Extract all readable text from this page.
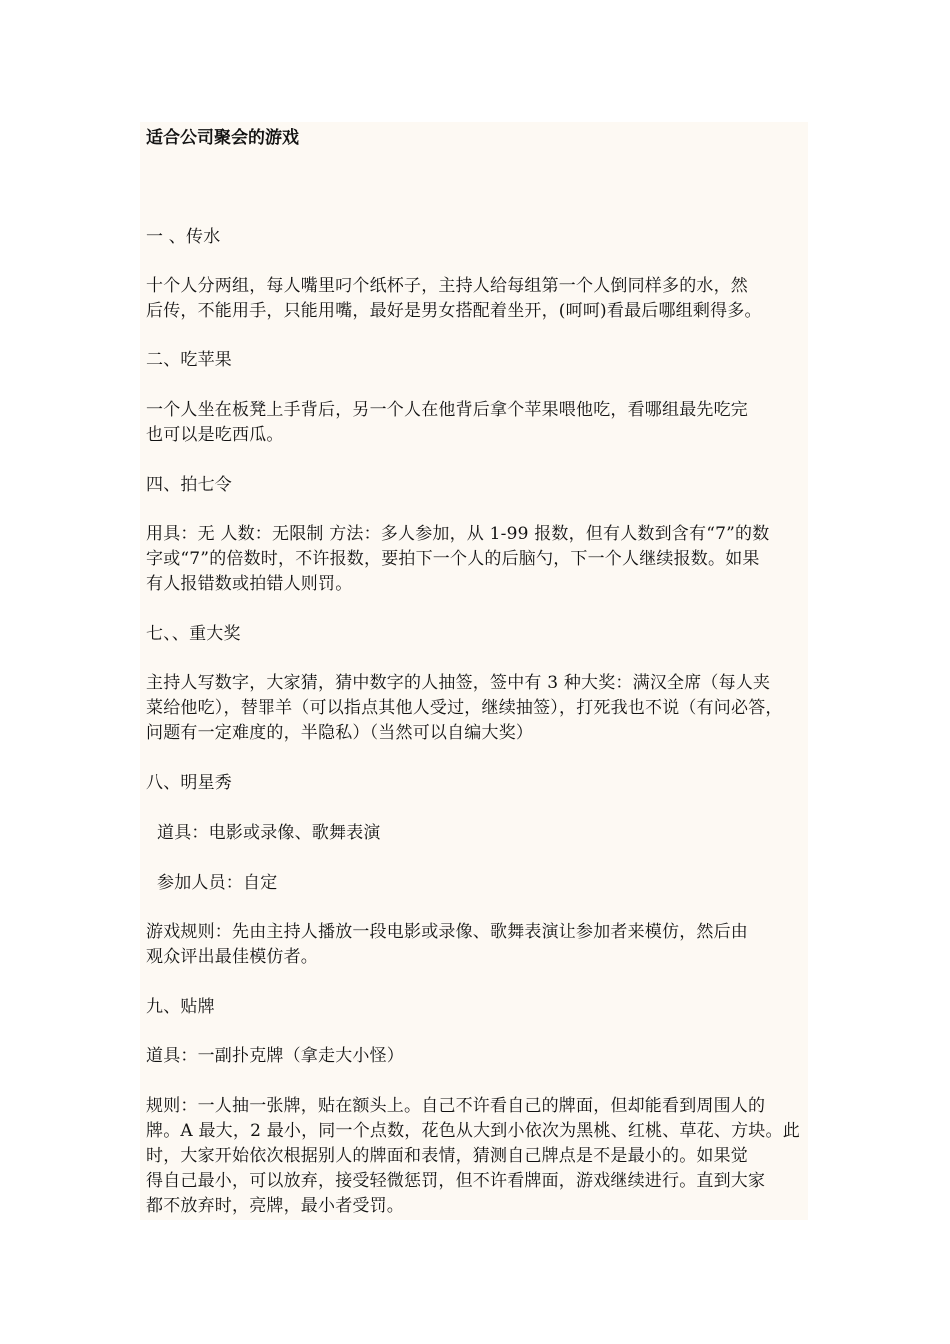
适合公司聚会的游戏

一 、传水

十个人分两组，每人嘴里叼个纸杯子，主持人给每组第一个人倒同样多的水，然

后传，不能用手，只能用嘴，最好是男女搭配着坐开，(呵呵)看最后哪组剩得多。

二、吃苹果

一个人坐在板凳上手背后，另一个人在他背后拿个苹果喂他吃，看哪组最先吃完

也可以是吃西瓜。

四、拍七令

用具：无 人数：无限制 方法：多人参加，从 1-99 报数，但有人数到含有“7”的数

字或“7”的倍数时，不许报数，要拍下一个人的后脑勺，下一个人继续报数。如果

有人报错数或拍错人则罚。

七、、重大奖

主持人写数字，大家猜，猜中数字的人抽签，签中有 3 种大奖：满汉全席（每人夹

菜给他吃），替罪羊（可以指点其他人受过，继续抽签），打死我也不说（有问必答，

问题有一定难度的，半隐私）（当然可以自编大奖）

八、明星秀

道具：电影或录像、歌舞表演

参加人员：自定

游戏规则：先由主持人播放一段电影或录像、歌舞表演让参加者来模仿，然后由

观众评出最佳模仿者。

九、贴牌

道具：一副扑克牌（拿走大小怪）

规则：一人抽一张牌，贴在额头上。自己不许看自己的牌面，但却能看到周围人的

牌。A 最大，2 最小，同一个点数，花色从大到小依次为黑桃、红桃、草花、方块。此

时，大家开始依次根据别人的牌面和表情，猜测自己牌点是不是最小的。如果觉

得自己最小，可以放弃，接受轻微惩罚，但不许看牌面，游戏继续进行。直到大家

都不放弃时，亮牌，最小者受罚。
